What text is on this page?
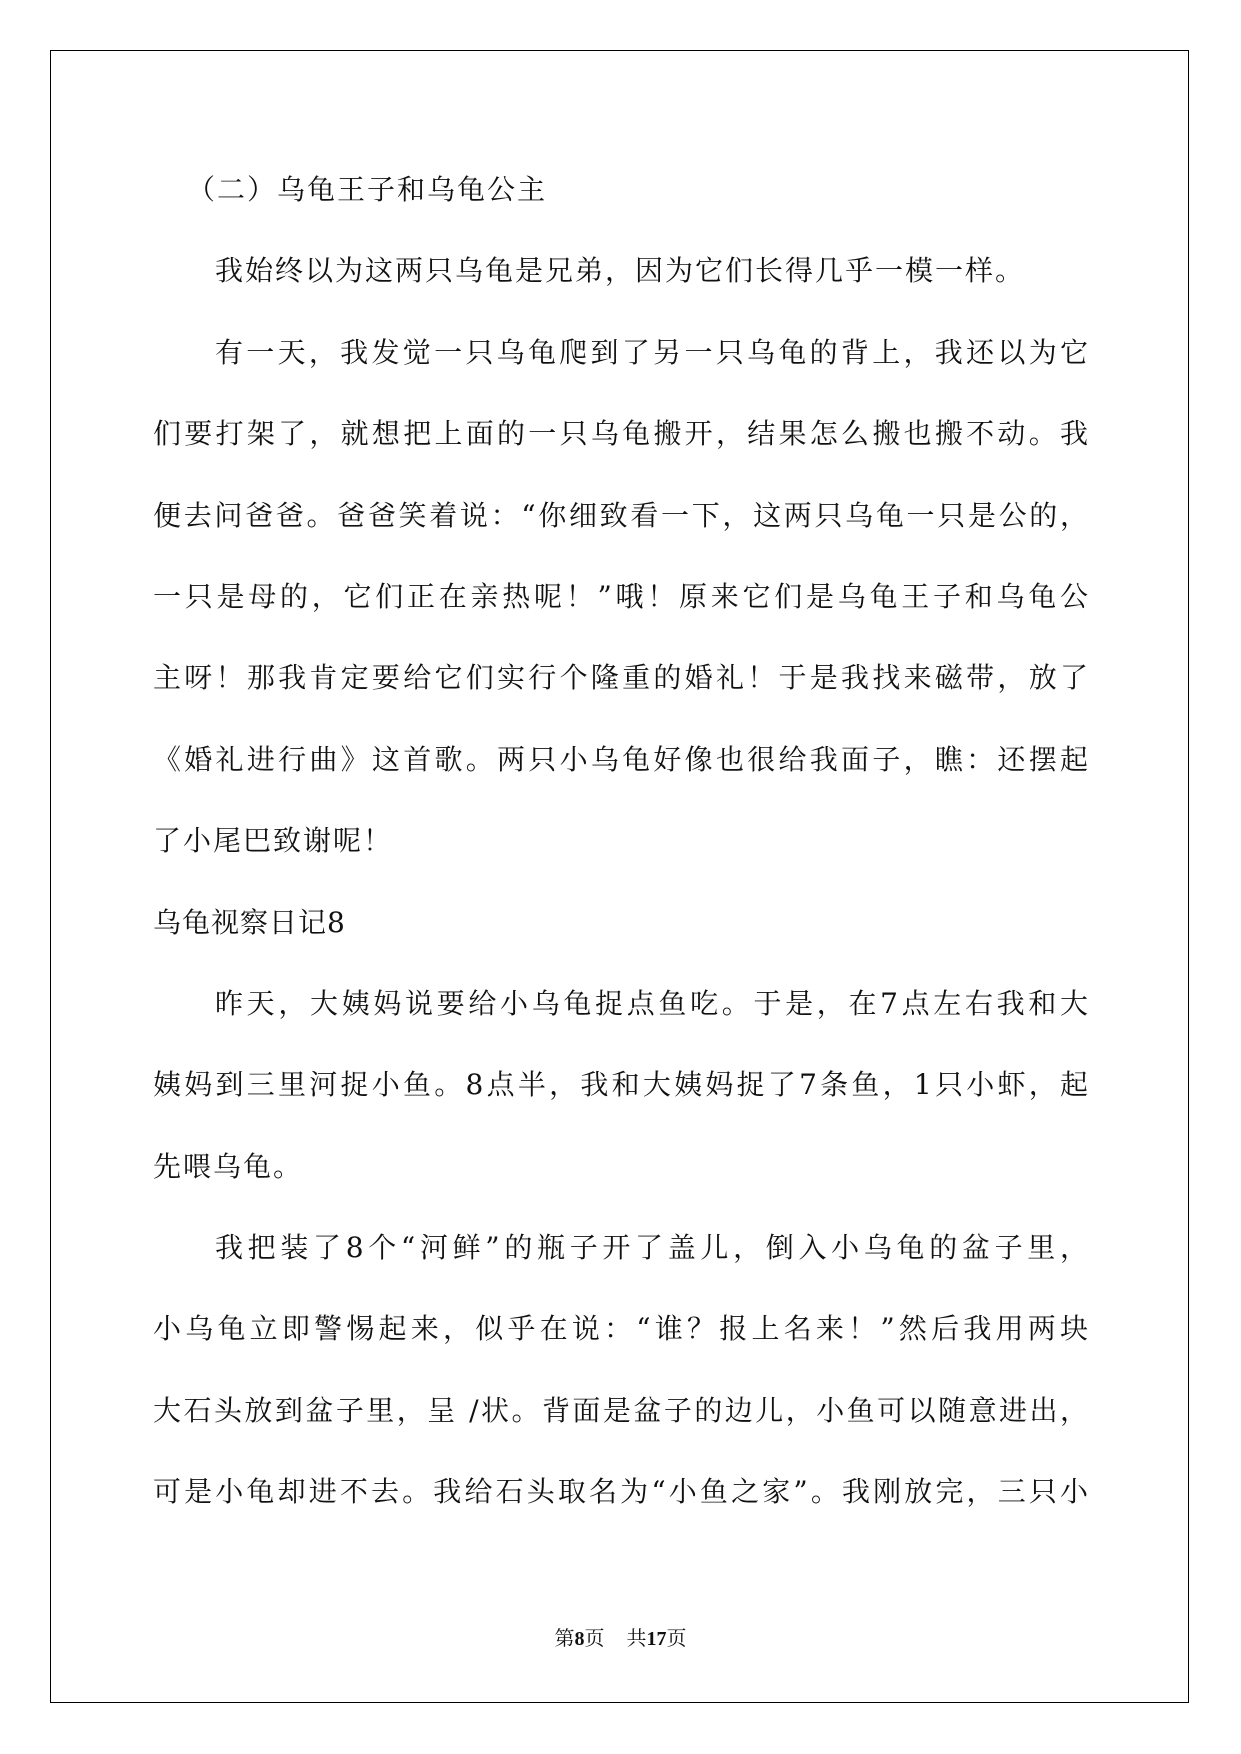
（二）乌龟王子和乌龟公主
我始终以为这两只乌龟是兄弟，因为它们长得几乎一模一样。
有一天，我发觉一只乌龟爬到了另一只乌龟的背上，我还以为它
们要打架了，就想把上面的一只乌龟搬开，结果怎么搬也搬不动。我
便去问爸爸。爸爸笑着说：“你细致看一下，这两只乌龟一只是公的，
一只是母的，它们正在亲热呢！”哦！原来它们是乌龟王子和乌龟公
主呀！那我肯定要给它们实行个隆重的婚礼！于是我找来磁带，放了
《婚礼进行曲》这首歌。两只小乌龟好像也很给我面子，瞧：还摆起
了小尾巴致谢呢！
乌龟视察日记8
昨天，大姨妈说要给小乌龟捉点鱼吃。于是，在7点左右我和大
姨妈到三里河捉小鱼。8点半，我和大姨妈捉了7条鱼，1只小虾，起
先喂乌龟。
我把装了8个“河鲜”的瓶子开了盖儿，倒入小乌龟的盆子里，
小乌龟立即警惕起来，似乎在说：“谁？报上名来！”然后我用两块
大石头放到盆子里，呈 /状。背面是盆子的边儿，小鱼可以随意进出，
可是小龟却进不去。我给石头取名为“小鱼之家”。我刚放完，三只小
第8页 共17页
